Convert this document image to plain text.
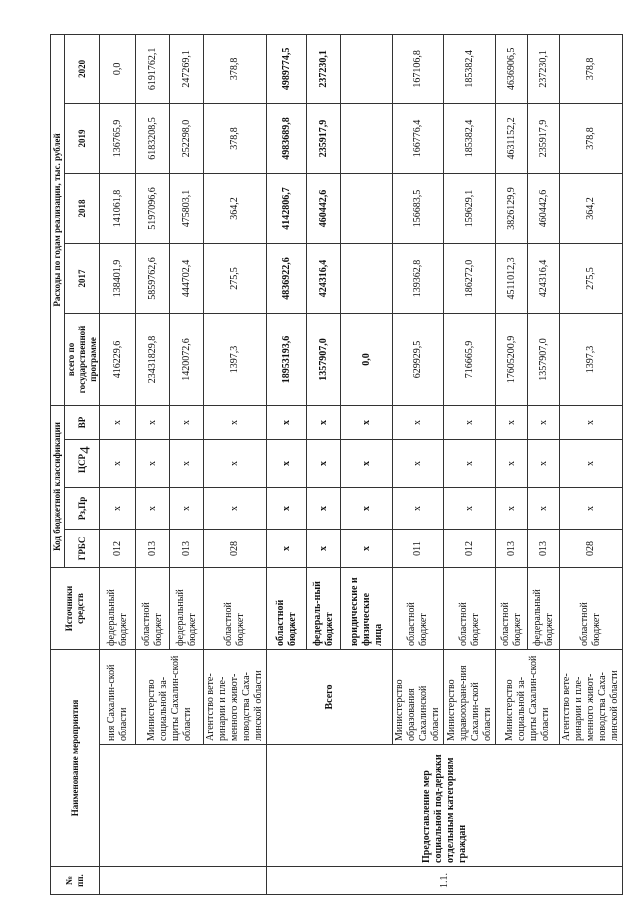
4
№ пп.	Наименование мероприятия		Источники средств	Код бюджетной классификации				Расходы по годам реализации, тыс. рублей				
				ГРБС	Рз,Пр	ЦСР	ВР	всего по государственной программе	2017	2018	2019	2020
		ния Сахалин-ской области	федеральный бюджет	012	x	x	x	416229,6	138401,9	141061,8	136765,9	0,0
		Министерство социальной за-щиты Сахалин-ской области	областной бюджет	013	x	x	x	23431829,8	5859762,6	5197096,6	6183208,5	6191762,1
			федеральный бюджет	013	x	x	x	1420072,6	444702,4	475803,1	252298,0	247269,1
		Агентство вете-ринарии и пле-менного живот-новодства Саха-линской области	областной бюджет	028	x	x	x	1397,3	275,5	364,2	378,8	378,8
1.1.	Предоставление мер социальной под-держки отдельным категориям граждан	Всего	областной бюджет	x	x	x	x	18953193,6	4836922,6	4142806,7	4983689,8	4989774,5
			федераль-ный бюджет	x	x	x	x	1357907,0	424316,4	460442,6	235917,9	237230,1
			юридические и физические лица	x	x	x	x	0,0				
		Министерство образования Сахалинской области	областной бюджет	011	x	x	x	629929,5	139362,8	156683,5	166776,4	167106,8
		Министерство здравоохране-ния Сахалин-ской области	областной бюджет	012	x	x	x	716665,9	186272,0	159629,1	185382,4	185382,4
		Министерство социальной за-щиты Сахалин-ской области	областной бюджет	013	x	x	x	17605200,9	4511012,3	3826129,9	4631152,2	4636906,5
			федеральный бюджет	013	x	x	x	1357907,0	424316,4	460442,6	235917,9	237230,1
		Агентство вете-ринарии и пле-менного живот-новодства Саха-линской области	областной бюджет	028	x	x	x	1397,3	275,5	364,2	378,8	378,8
